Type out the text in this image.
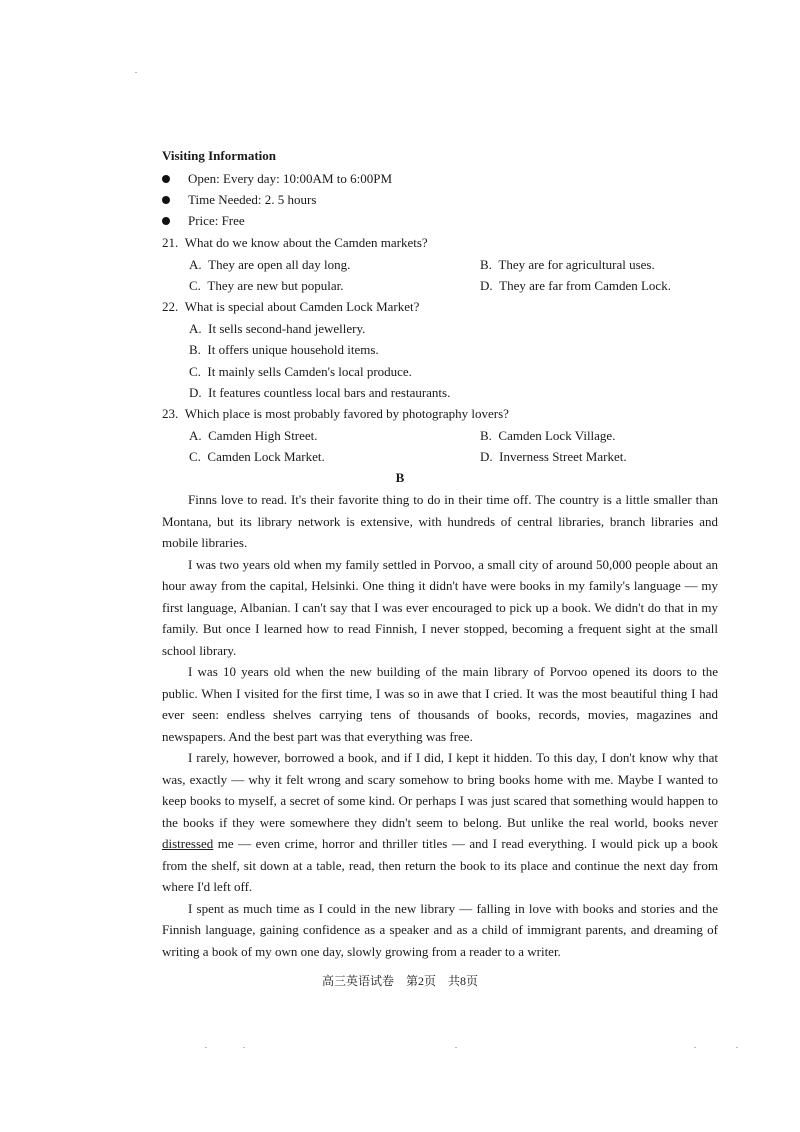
Visiting Information
Open: Every day: 10:00AM to 6:00PM
Time Needed: 2. 5 hours
Price: Free
21. What do we know about the Camden markets?
A. They are open all day long.	B. They are for agricultural uses.
C. They are new but popular.	D. They are far from Camden Lock.
22. What is special about Camden Lock Market?
A. It sells second-hand jewellery.
B. It offers unique household items.
C. It mainly sells Camden's local produce.
D. It features countless local bars and restaurants.
23. Which place is most probably favored by photography lovers?
A. Camden High Street.	B. Camden Lock Village.
C. Camden Lock Market.	D. Inverness Street Market.
B

Finns love to read. It's their favorite thing to do in their time off. The country is a little smaller than Montana, but its library network is extensive, with hundreds of central libraries, branch libraries and mobile libraries.

I was two years old when my family settled in Porvoo, a small city of around 50,000 people about an hour away from the capital, Helsinki. One thing it didn't have were books in my family's language — my first language, Albanian. I can't say that I was ever encouraged to pick up a book. We didn't do that in my family. But once I learned how to read Finnish, I never stopped, becoming a frequent sight at the small school library.

I was 10 years old when the new building of the main library of Porvoo opened its doors to the public. When I visited for the first time, I was so in awe that I cried. It was the most beautiful thing I had ever seen: endless shelves carrying tens of thousands of books, records, movies, magazines and newspapers. And the best part was that everything was free.

I rarely, however, borrowed a book, and if I did, I kept it hidden. To this day, I don't know why that was, exactly — why it felt wrong and scary somehow to bring books home with me. Maybe I wanted to keep books to myself, a secret of some kind. Or perhaps I was just scared that something would happen to the books if they were somewhere they didn't seem to belong. But unlike the real world, books never distressed me — even crime, horror and thriller titles — and I read everything. I would pick up a book from the shelf, sit down at a table, read, then return the book to its place and continue the next day from where I'd left off.

I spent as much time as I could in the new library — falling in love with books and stories and the Finnish language, gaining confidence as a speaker and as a child of immigrant parents, and dreaming of writing a book of my own one day, slowly growing from a reader to a writer.

高三英语试卷　第2页　共8页
